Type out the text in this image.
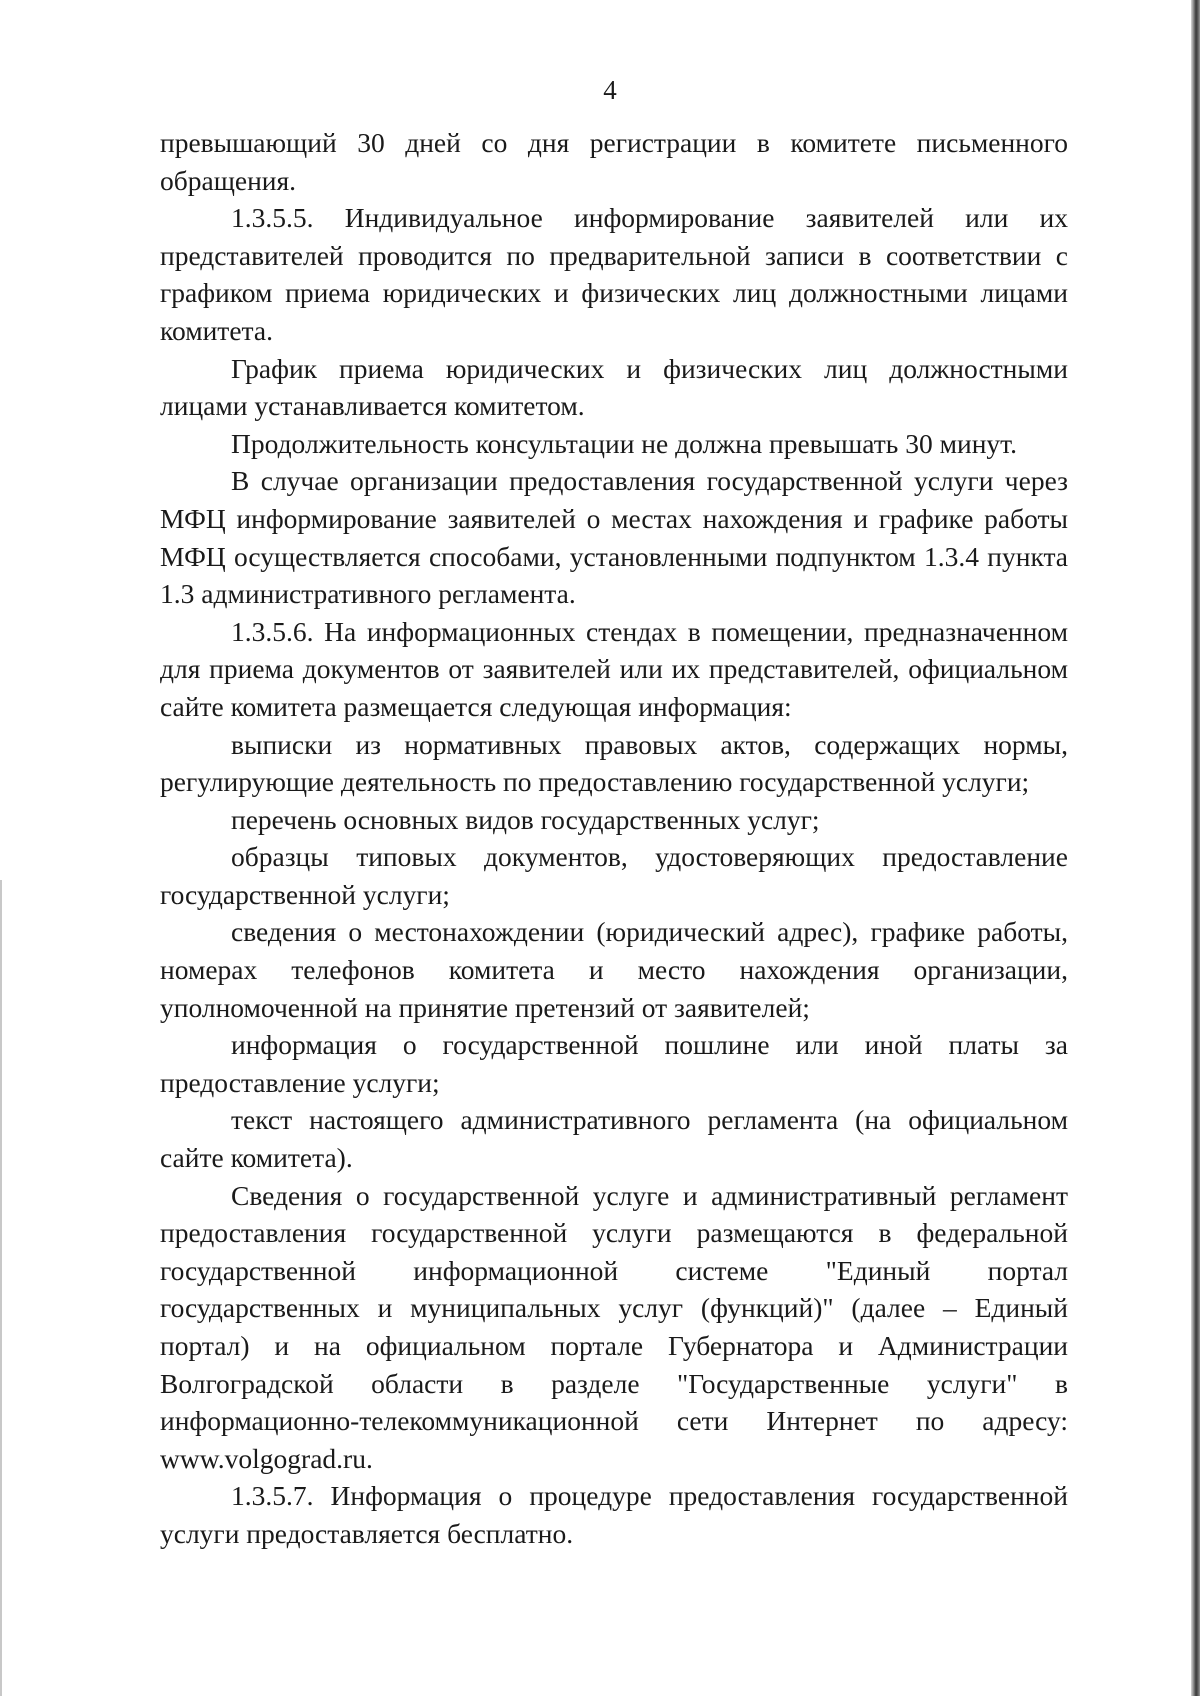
4

превышающий 30 дней со дня регистрации в комитете письменного обращения.

1.3.5.5. Индивидуальное информирование заявителей или их представителей проводится по предварительной записи в соответствии с графиком приема юридических и физических лиц должностными лицами комитета.

График приема юридических и физических лиц должностными лицами устанавливается комитетом.

Продолжительность консультации не должна превышать 30 минут.

В случае организации предоставления государственной услуги через МФЦ информирование заявителей о местах нахождения и графике работы МФЦ осуществляется способами, установленными подпунктом 1.3.4 пункта 1.3 административного регламента.

1.3.5.6. На информационных стендах в помещении, предназначенном для приема документов от заявителей или их представителей, официальном сайте комитета размещается следующая информация:

выписки из нормативных правовых актов, содержащих нормы, регулирующие деятельность по предоставлению государственной услуги;

перечень основных видов государственных услуг;

образцы типовых документов, удостоверяющих предоставление государственной услуги;

сведения о местонахождении (юридический адрес), графике работы, номерах телефонов комитета и место нахождения организации, уполномоченной на принятие претензий от заявителей;

информация о государственной пошлине или иной платы за предоставление услуги;

текст настоящего административного регламента (на официальном сайте комитета).

Сведения о государственной услуге и административный регламент предоставления государственной услуги размещаются в федеральной государственной информационной системе "Единый портал государственных и муниципальных услуг (функций)" (далее – Единый портал) и на официальном портале Губернатора и Администрации Волгоградской области в разделе "Государственные услуги" в информационно-телекоммуникационной сети Интернет по адресу: www.volgograd.ru.

1.3.5.7. Информация о процедуре предоставления государственной услуги предоставляется бесплатно.
